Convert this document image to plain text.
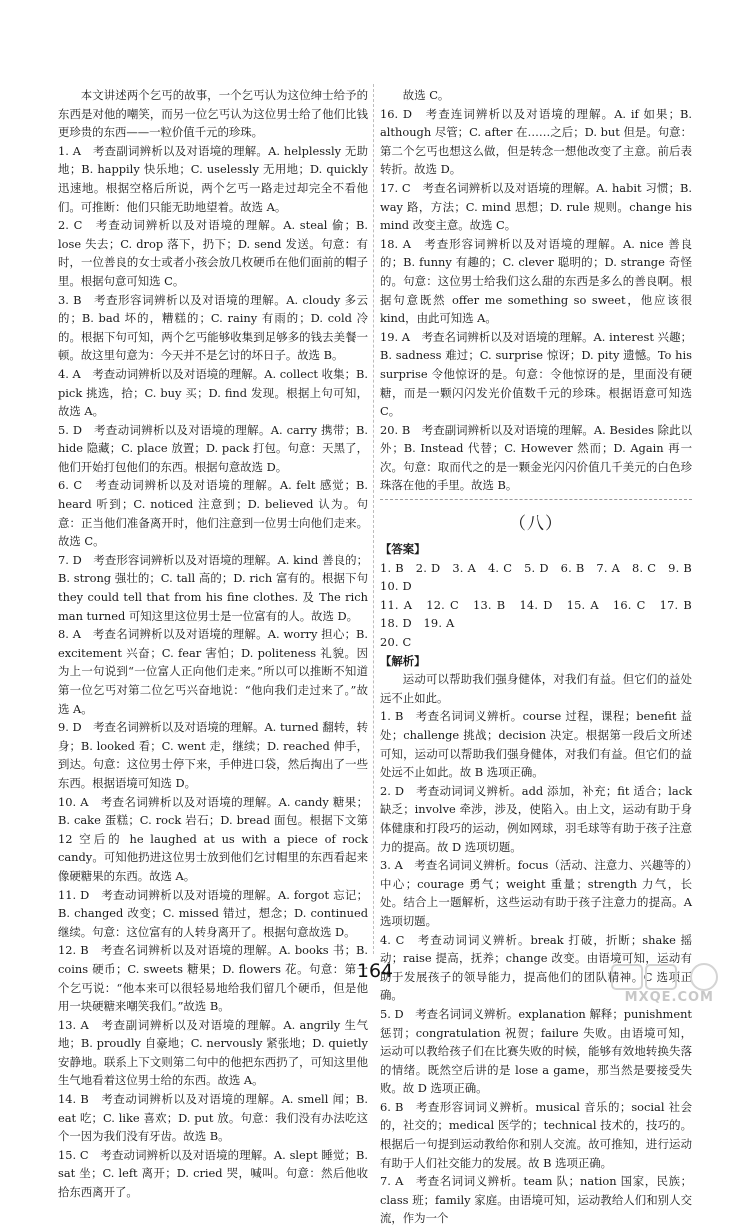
本文讲述两个乞丐的故事，一个乞丐认为这位绅士给予的东西是对他的嘲笑，而另一位乞丐认为这位男士给了他们比钱更珍贵的东西——一粒价值千元的珍珠。

1. A　考查副词辨析以及对语境的理解。A. helplessly 无助地；B. happily 快乐地；C. uselessly 无用地；D. quickly 迅速地。根据空格后所说，两个乞丐一路走过却完全不看他们。可推断：他们只能无助地望着。故选 A。

2. C　考查动词辨析以及对语境的理解。A. steal 偷；B. lose 失去；C. drop 落下，扔下；D. send 发送。句意：有时，一位善良的女士或者小孩会放几枚硬币在他们面前的帽子里。根据句意可知选 C。

3. B　考查形容词辨析以及对语境的理解。A. cloudy 多云的；B. bad 坏的，糟糕的；C. rainy 有雨的；D. cold 冷的。根据下句可知，两个乞丐能够收集到足够多的钱去美餐一顿。故这里句意为：今天并不是乞讨的坏日子。故选 B。

4. A　考查动词辨析以及对语境的理解。A. collect 收集；B. pick 挑选，拾；C. buy 买；D. find 发现。根据上句可知，故选 A。

5. D　考查动词辨析以及对语境的理解。A. carry 携带；B. hide 隐藏；C. place 放置；D. pack 打包。句意：天黑了，他们开始打包他们的东西。根据句意故选 D。

6. C　考查动词辨析以及对语境的理解。A. felt 感觉；B. heard 听到；C. noticed 注意到；D. believed 认为。句意：正当他们准备离开时，他们注意到一位男士向他们走来。故选 C。

7. D　考查形容词辨析以及对语境的理解。A. kind 善良的；B. strong 强壮的；C. tall 高的；D. rich 富有的。根据下句 they could tell that from his fine clothes. 及 The rich man turned 可知这里这位男士是一位富有的人。故选 D。

8. A　考查名词辨析以及对语境的理解。A. worry 担心；B. excitement 兴奋；C. fear 害怕；D. politeness 礼貌。因为上一句说到“一位富人正向他们走来。”所以可以推断不知道第一位乞丐对第二位乞丐兴奋地说：“他向我们走过来了。”故选 A。

9. D　考查名词辨析以及对语境的理解。A. turned 翻转，转身；B. looked 看；C. went 走，继续；D. reached 伸手，到达。句意：这位男士停下来，手伸进口袋，然后掏出了一些东西。根据语境可知选 D。

10. A　考查名词辨析以及对语境的理解。A. candy 糖果；B. cake 蛋糕；C. rock 岩石；D. bread 面包。根据下文第 12 空后的 he laughed at us with a piece of rock candy。可知他扔进这位男士放到他们乞讨帽里的东西看起来像硬糖果的东西。故选 A。

11. D　考查动词辨析以及对语境的理解。A. forgot 忘记；B. changed 改变；C. missed 错过，想念；D. continued 继续。句意：这位富有的人转身离开了。根据句意故选 D。

12. B　考查名词辨析以及对语境的理解。A. books 书；B. coins 硬币；C. sweets 糖果；D. flowers 花。句意：第一个乞丐说：“他本来可以很轻易地给我们留几个硬币，但是他用一块硬糖来嘲笑我们。”故选 B。

13. A　考查副词辨析以及对语境的理解。A. angrily 生气地；B. proudly 自豪地；C. nervously 紧张地；D. quietly 安静地。联系上下文则第二句中的他把东西扔了，可知这里他生气地看着这位男士给的东西。故选 A。

14. B　考查动词辨析以及对语境的理解。A. smell 闻；B. eat 吃；C. like 喜欢；D. put 放。句意：我们没有办法吃这个一因为我们没有牙齿。故选 B。

15. C　考查动词辨析以及对语境的理解。A. slept 睡觉；B. sat 坐；C. left 离开；D. cried 哭，喊叫。句意：然后他收拾东西离开了。

故选 C。

16. D　考查连词辨析以及对语境的理解。A. if 如果；B. although 尽管；C. after 在……之后；D. but 但是。句意：第二个乞丐也想这么做，但是转念一想他改变了主意。前后表转折。故选 D。

17. C　考查名词辨析以及对语境的理解。A. habit 习惯；B. way 路，方法；C. mind 思想；D. rule 规则。change his mind 改变主意。故选 C。

18. A　考查形容词辨析以及对语境的理解。A. nice 善良的；B. funny 有趣的；C. clever 聪明的；D. strange 奇怪的。句意：这位男士给我们这么甜的东西是多么的善良啊。根据句意既然 offer me something so sweet，他应该很 kind，由此可知选 A。

19. A　考查名词辨析以及对语境的理解。A. interest 兴趣；B. sadness 难过；C. surprise 惊讶；D. pity 遗憾。To his surprise 令他惊讶的是。句意：令他惊讶的是，里面没有硬糖，而是一颗闪闪发光价值数千元的珍珠。根据语意可知选 C。

20. B　考查副词辨析以及对语境的理解。A. Besides 除此以外；B. Instead 代替；C. However 然而；D. Again 再一次。句意：取而代之的是一颗金光闪闪价值几千美元的白色珍珠落在他的手里。故选 B。

（八）

【答案】

1. B　2. D　3. A　4. C　5. D　6. B　7. A　8. C　9. B　10. D

11. A　12. C　13. B　14. D　15. A　16. C　17. B　18. D　19. A

20. C

【解析】

运动可以帮助我们强身健体，对我们有益。但它们的益处远不止如此。

1. B　考查名词词义辨析。course 过程，课程；benefit 益处；challenge 挑战；decision 决定。根据第一段后文所述可知，运动可以帮助我们强身健体，对我们有益。但它们的益处远不止如此。故 B 选项正确。

2. D　考查动词词义辨析。add 添加，补充；fit 适合；lack 缺乏；involve 牵涉，涉及，使陷入。由上文，运动有助于身体健康和打段巧的运动，例如网球，羽毛球等有助于孩子注意力的提高。故 D 选项切题。

3. A　考查名词词义辨析。focus（活动、注意力、兴趣等的）中心；courage 勇气；weight 重量；strength 力气，长处。结合上一题解析，这些运动有助于孩子注意力的提高。A 选项切题。

4. C　考查动词词义辨析。break 打破，折断；shake 摇动；raise 提高，抚养；change 改变。由语境可知，运动有助于发展孩子的领导能力，提高他们的团队精神。C 选项正确。

5. D　考查名词词义辨析。explanation 解释；punishment 惩罚；congratulation 祝贺；failure 失败。由语境可知，运动可以教给孩子们在比赛失败的时候，能够有效地转换失落的情绪。既然空后讲的是 lose a game，那当然是要接受失败。故 D 选项正确。

6. B　考查形容词词义辨析。musical 音乐的；social 社会的，社交的；medical 医学的；technical 技术的，技巧的。根据后一句提到运动教给你和别人交流。故可推知，进行运动有助于人们社交能力的发展。故 B 选项正确。

7. A　考查名词词义辨析。team 队；nation 国家，民族；class 班；family 家庭。由语境可知，运动教给人们和别人交流，作为一个

164
MXQE.COM
